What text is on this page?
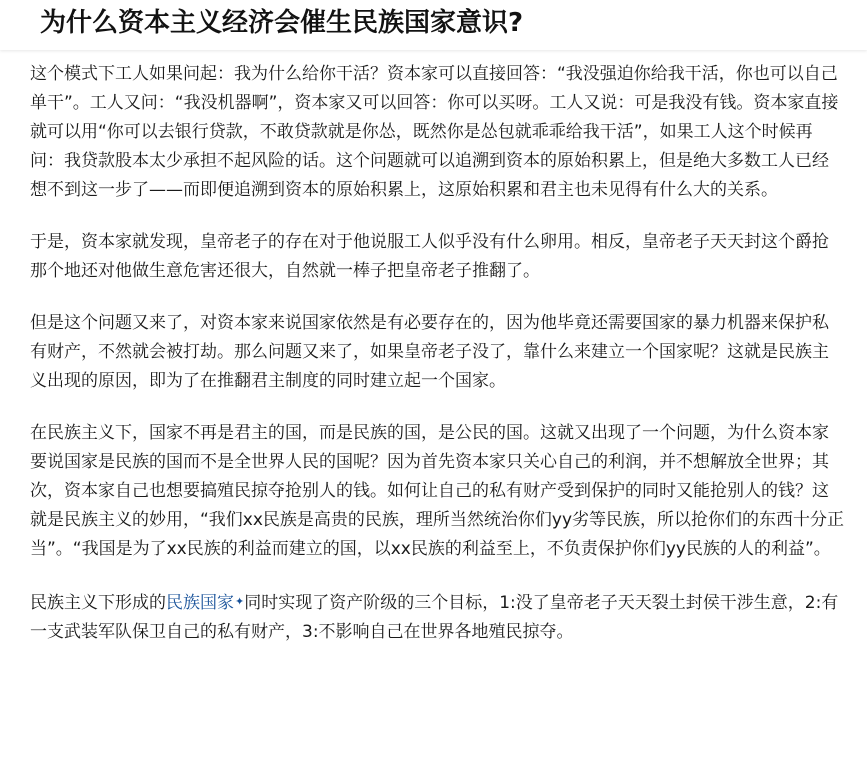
为什么资本主义经济会催生民族国家意识?

这个模式下工人如果问起：我为什么给你干活？资本家可以直接回答：“我没强迫你给我干活，你也可以自己单干”。工人又问：“我没机器啊”，资本家又可以回答：你可以买呀。工人又说：可是我没有钱。资本家直接就可以用“你可以去银行贷款，不敢贷款就是你怂，既然你是怂包就乖乖给我干活”，如果工人这个时候再问：我贷款股本太少承担不起风险的话。这个问题就可以追溯到资本的原始积累上，但是绝大多数工人已经想不到这一步了——而即便追溯到资本的原始积累上，这原始积累和君主也未见得有什么大的关系。

于是，资本家就发现，皇帝老子的存在对于他说服工人似乎没有什么卵用。相反，皇帝老子天天封这个爵抢那个地还对他做生意危害还很大，自然就一棒子把皇帝老子推翻了。

但是这个问题又来了，对资本家来说国家依然是有必要存在的，因为他毕竟还需要国家的暴力机器来保护私有财产，不然就会被打劫。那么问题又来了，如果皇帝老子没了，靠什么来建立一个国家呢？这就是民族主义出现的原因，即为了在推翻君主制度的同时建立起一个国家。

在民族主义下，国家不再是君主的国，而是民族的国，是公民的国。这就又出现了一个问题，为什么资本家要说国家是民族的国而不是全世界人民的国呢？因为首先资本家只关心自己的利润，并不想解放全世界；其次，资本家自己也想要搞殖民掠夺抢别人的钱。如何让自己的私有财产受到保护的同时又能抢别人的钱？这就是民族主义的妙用，“我们xx民族是高贵的民族，理所当然统治你们yy劣等民族，所以抢你们的东西十分正当”。“我国是为了xx民族的利益而建立的国，以xx民族的利益至上，不负责保护你们yy民族的人的利益”。

民族主义下形成的民族国家✦同时实现了资产阶级的三个目标，1:没了皇帝老子天天裂土封侯干涉生意，2:有一支武装军队保卫自己的私有财产，3:不影响自己在世界各地殖民掠夺。
